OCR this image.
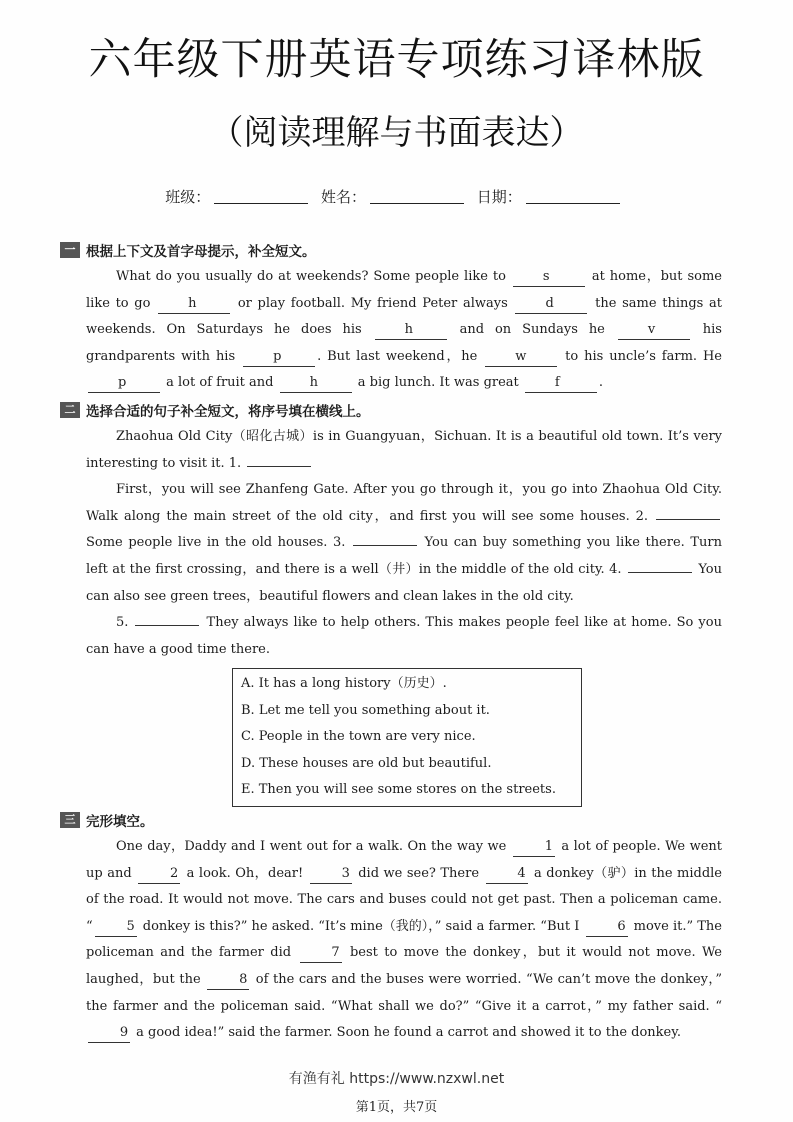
六年级下册英语专项练习译林版
（阅读理解与书面表达）
班级：	姓名：	日期：
一 根据上下文及首字母提示，补全短文。

What do you usually do at weekends? Some people like to	s	at home，but some like to go	h	or play football. My friend Peter always	d	the same things at weekends. On Saturdays he does his	h	and on Sundays he	v	his grandparents with his	p	. But last weekend，he	w	to his uncle’s farm. He
p	a lot of fruit and	h	a big lunch. It was great	f	.

二 选择合适的句子补全短文，将序号填在横线上。

Zhaohua Old City（昭化古城）is in Guangyuan，Sichuan. It is a beautiful old town. It’s very interesting to visit it. 1.

First，you will see Zhanfeng Gate. After you go through it，you go into Zhaohua Old City. Walk along the main street of the old city，and first you will see some houses. 2.  Some people live in the old houses. 3.	You can buy something you like there. Turn left at the first crossing，and there is a well（井）in the middle of the old city. 4.	You can also see green trees，beautiful flowers and clean lakes in the old city.

5.	They always like to help others. This makes people feel like at home. So you can have a good time there.

A. It has a long history（历史）.
B. Let me tell you something about it.
C. People in the town are very nice.
D. These houses are old but beautiful.
E. Then you will see some stores on the streets.
三 完形填空。

One day，Daddy and I went out for a walk. On the way we	1 a lot of people. We went up and	2 a look. Oh，dear!	3 did we see? There	4 a donkey（驴）in the middle of the road. It would not move. The cars and buses could not get past. Then a policeman came. “	5 donkey is this?” he asked. “It’s mine（我的），” said a farmer. “But I	6 move it.” The policeman and the farmer did	7 best to move the donkey，but it would not move. We laughed，but the	8 of the cars and the buses were worried. “We can’t move the donkey，” the farmer and the policeman said. “What shall we do?” “Give it a carrot，” my father said. “9 a good idea!” said the farmer. Soon he found a carrot and showed it to the donkey.

有渔有礼 https://www.nzxwl.net
第1页，共7页
